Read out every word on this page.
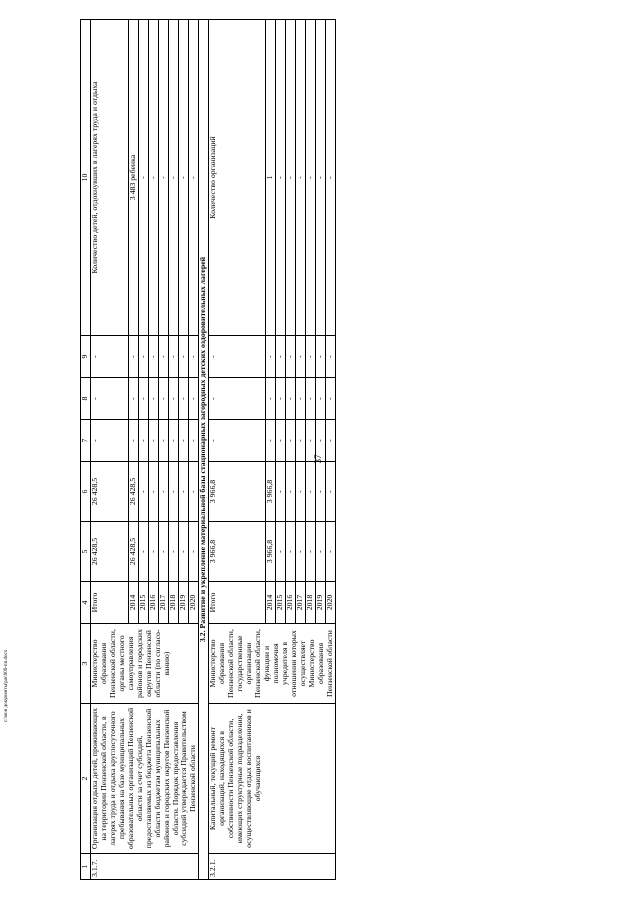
37
c:\мои документы\рж\909-пп.docx
1	2	3	4	5	6	7	8	9	10
3.1.7.	Организация отдыха детей, проживающих на территории Пензенской области, в лагерях труда и отдыха круглосуточного пребывания на базе муниципальных образовательных организаций Пензенской области за счет субсидий, предоставляемых из бюджета Пензенской области бюджетам муниципальных районов и городских округов Пензенской области. Порядок предоставления субсидий утверждается Правительством Пензенской области	Министерство образования Пензенской области, органы местного самоуправления районов и городских округов Пензенской области (по согласо-ванию)	Итого	26 428,5	26 428,5	-	-	-	Количество детей, отдохнувших в лагерях труда и отдыха
			2014	26 428,5	26 428,5	-	-	-	3 483 ребенка
			2015	-	-	-	-	-	-
			2016	-	-	-	-	-	-
			2017	-	-	-	-	-	-
			2018	-	-	-	-	-	-
			2019	-	-	-	-	-	-
			2020	-	-	-	-	-	-
3.2. Развитие и укрепление материальной базы стационарных загородных детских оздоровительных лагерей									
3.2.1.	Капитальный, текущий ремонт организаций, находящихся в собственности Пензенской области, имеющих структурные подразделения, осуществляющие отдых воспитанников и обучающихся	Министерство образования Пензенской области, государственные организации Пензенской области, функции и полномочия учредителя в отношении которых осуществляет Министерство образования Пензенской области	Итого	3 966,8	3 966,8	-	-	-	Количество организаций
			2014	3 966,8	3 966,8	-	-	-	1
			2015	-	-	-	-	-	-
			2016	-	-	-	-	-	-
			2017	-	-	-	-	-	-
			2018	-	-	-	-	-	-
			2019	-	-	-	-	-	-
			2020	-	-	-	-	-	-
